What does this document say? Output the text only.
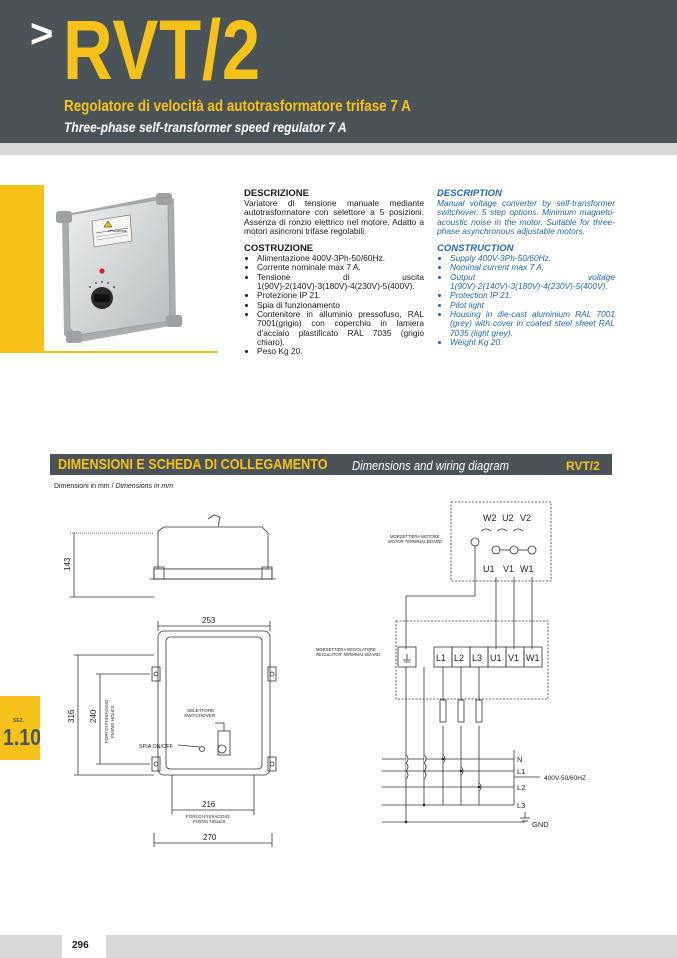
> RVT/2
Regolatore di velocità ad autotrasformatore trifase 7 A
Three-phase self-transformer speed regulator 7 A
ATTENZIONE
DESCRIZIONE
Variatore di tensione manuale mediante autotrasformatore con selettore a 5 posizioni. Assenza di ronzio elettrico nel motore. Adatto a motori asincroni trifase regolabili.
COSTRUZIONE
• Alimentazione 400V-3Ph-50/60Hz.
• Corrente nominale max 7 A.
• Tensione di uscita 1(90V)-2(140V)-3(180V)-4(230V)-5(400V).
• Protezione IP 21.
• Spia di funzionamento
• Contenitore in alluminio pressofuso, RAL 7001(grigio) con coperchio in lamiera d'acciaio plastificato RAL 7035 (grigio chiaro).
• Peso Kg 20.
DESCRIPTION
Manual voltage converter by self-transformer switchover, 5 step options. Minimum magneto-acoustic noise in the motor. Suitable for three-phase asynchronous adjustable motors.
CONSTRUCTION
• Supply 400V-3Ph-50/60Hz.
• Nominal current max 7 A.
• Output voltage 1(90V)-2(140V)-3(180V)-4(230V)-5(400V).
• Protection IP 21.
• Pilot light
• Housing in die-cast aluminium RAL 7001 (grey) with cover in coated steel sheet RAL 7035 (light grey).
• Weight Kg 20.
DIMENSIONI E SCHEDA DI COLLEGAMENTO Dimensions and wiring diagram	RVT/2
Dimensioni in mm / Dimensions in mm
143
253
316 240
216
270
FORI DI FISSAGGIO FIXING HOLES
FORI DI FISSAGGIO
FIXING HOLES
SELETTORE
SWITCHOVER
SPIA ON/OFF
W2 U2 V2
U1 V1 W1
L1 L2 L3 U1 V1 W1
N
L1
L2
L3
400V-50/60HZ
GND
MORSETTIERA MOTORE
MOTOR TERMINAL BOARD
MORSETTIERA REGOLATORE
REGULATOR TERMINAL BOARD
SEZ.
1.10
296
